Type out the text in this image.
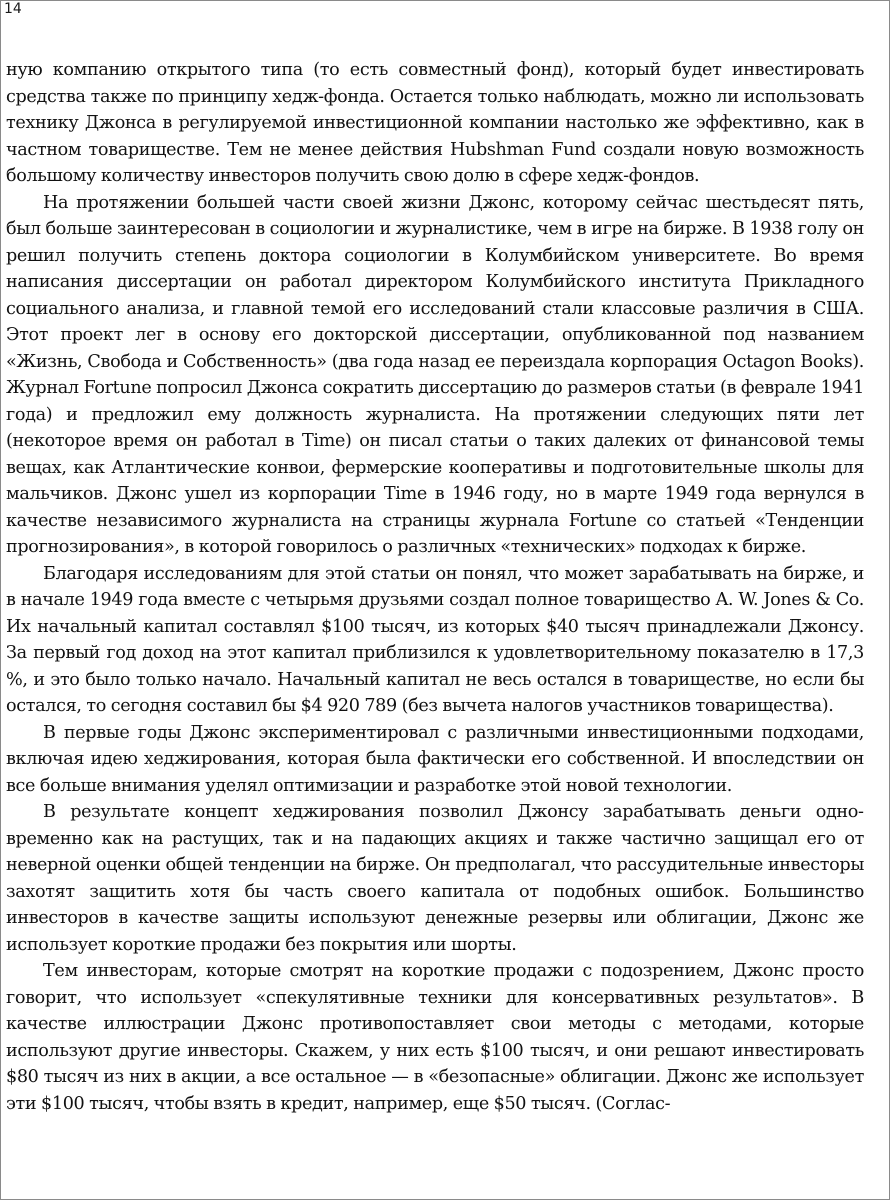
14

ную компанию открытого типа (то есть совместный фонд), который будет инвестировать средства также по принципу хедж-фонда. Остается только наблюдать, можно ли использовать технику Джонса в регулируемой инвестиционной компании настолько же эффективно, как в частном товариществе. Тем не менее действия Hubshman Fund создали новую возможность большому количеству инвесторов получить свою долю в сфере хедж-фондов.

На протяжении большей части своей жизни Джонс, которому сейчас шестьдесят пять, был больше заинтересован в социологии и журналистике, чем в игре на бирже. В 1938 голу он решил получить степень доктора социологии в Колумбийском университете. Во время написания диссертации он работал директором Колумбийского института Прикладного социального анализа, и главной темой его исследований стали классовые различия в США. Этот проект лег в основу его докторской диссертации, опубликованной под названием «Жизнь, Свобода и Собственность» (два года назад ее переиздала корпорация Octagon Books). Журнал Fortune попросил Джонса сократить диссертацию до размеров статьи (в феврале 1941 года) и предложил ему должность журналиста. На протяжении следующих пяти лет (некоторое время он работал в Time) он писал статьи о таких далеких от финансовой темы вещах, как Атлантические конвои, фермерские кооперативы и подготовительные школы для мальчиков. Джонс ушел из корпорации Time в 1946 году, но в марте 1949 года вернулся в качестве независимого журналиста на страницы журнала Fortune со статьей «Тенденции прогнозирования», в которой говорилось о различных «технических» подходах к бирже.

Благодаря исследованиям для этой статьи он понял, что может зарабатывать на бирже, и в начале 1949 года вместе с четырьмя друзьями создал полное товарищество A. W. Jones & Co. Их начальный капитал составлял $100 тысяч, из которых $40 тысяч принадлежали Джонсу. За первый год доход на этот капитал приблизился к удовлетворительному показателю в 17,3 %, и это было только начало. Начальный капитал не весь остался в товариществе, но если бы остался, то сегодня составил бы $4 920 789 (без вычета налогов участников товарищества).

В первые годы Джонс экспериментировал с различными инвестиционными подходами, включая идею хеджирования, которая была фактически его собственной. И впоследствии он все больше внимания уделял оптимизации и разработке этой новой технологии.

В результате концепт хеджирования позволил Джонсу зарабатывать деньги одновременно как на растущих, так и на падающих акциях и также частично защищал его от неверной оценки общей тенденции на бирже. Он предполагал, что рассудительные инвесторы захотят защитить хотя бы часть своего капитала от подобных ошибок. Большинство инвесторов в качестве защиты используют денежные резервы или облигации, Джонс же использует короткие продажи без покрытия или шорты.

Тем инвесторам, которые смотрят на короткие продажи с подозрением, Джонс просто говорит, что использует «спекулятивные техники для консервативных результатов». В качестве иллюстрации Джонс противопоставляет свои методы с методами, которые используют другие инвесторы. Скажем, у них есть $100 тысяч, и они решают инвестировать $80 тысяч из них в акции, а все остальное — в «безопасные» облигации. Джонс же использует эти $100 тысяч, чтобы взять в кредит, например, еще $50 тысяч. (Соглас-
